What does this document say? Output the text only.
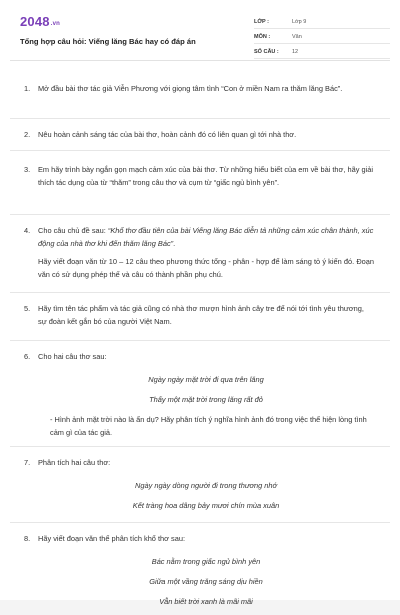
2048.vn
Tổng hợp câu hỏi: Viếng lăng Bác hay có đáp án
LỚP :	Lớp 9
MÔN :	Văn
SỐ CÂU :	12
1.	Mở đầu bài thơ tác giả Viễn Phương với giọng tâm tình “Con ở miền Nam ra thăm lăng Bác”.
2.	Nêu hoàn cảnh sáng tác của bài thơ, hoàn cảnh đó có liên quan gì tới nhà thơ.
3.	Em hãy trình bày ngắn gọn mạch cảm xúc của bài thơ. Từ những hiểu biết của em về bài thơ, hãy giải thích tác dụng của từ “thăm” trong câu thơ và cụm từ “giấc ngủ bình yên”.
4.	Cho câu chủ đề sau: “Khổ thơ đầu tiên của bài Viếng lăng Bác diễn tả những cảm xúc chân thành, xúc động của nhà thơ khi đến thăm lăng Bác”.
Hãy viết đoạn văn từ 10 – 12 câu theo phương thức tổng - phân - hợp để làm sáng tỏ ý kiến đó. Đoạn văn có sử dụng phép thế và câu có thành phần phụ chú.
5.	Hãy tìm tên tác phẩm và tác giả cũng có nhà thơ mượn hình ảnh cây tre để nói tới tình yêu thương, sự đoàn kết gắn bó của người Việt Nam.
6.	Cho hai câu thơ sau:
Ngày ngày mặt trời đi qua trên lăng
Thấy một mặt trời trong lăng rất đỏ
- Hình ảnh mặt trời nào là ẩn dụ? Hãy phân tích ý nghĩa hình ảnh đó trong việc thể hiện lòng tình cảm gì của tác giả.
7.	Phân tích hai câu thơ:
Ngày ngày dòng người đi trong thương nhớ
Kết tràng hoa dâng bảy mươi chín mùa xuân
8.	Hãy viết đoạn văn thể phân tích khổ thơ sau:
Bác nằm trong giấc ngủ bình yên
Giữa một vầng trăng sáng dịu hiền
Vẫn biết trời xanh là mãi mãi
